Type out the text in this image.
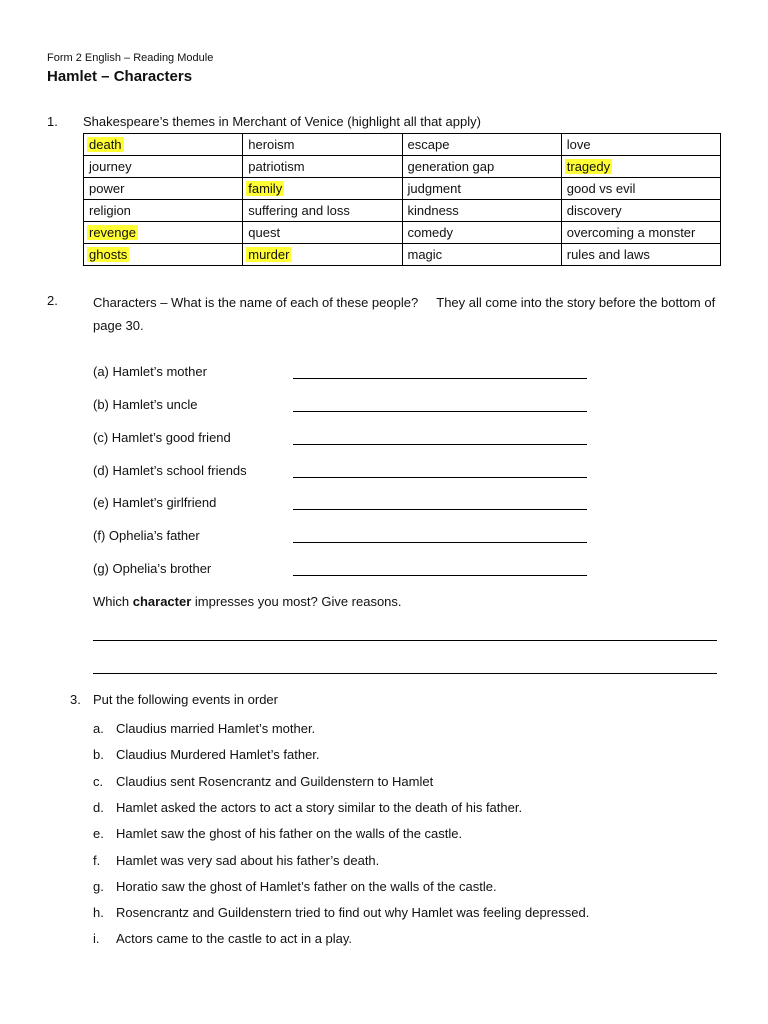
Form 2 English – Reading Module
Hamlet – Characters
1. Shakespeare’s themes in Merchant of Venice (highlight all that apply)
death	heroism	escape	love
journey	patriotism	generation gap	tragedy
power	family	judgment	good vs evil
religion	suffering and loss	kindness	discovery
revenge	quest	comedy	overcoming a monster
ghosts	murder	magic	rules and laws
2.	Characters – What is the name of each of these people? They all come into the story before the bottom of page 30.
(a) Hamlet’s mother
(b) Hamlet’s uncle
(c) Hamlet’s good friend
(d) Hamlet’s school friends
(e) Hamlet’s girlfriend
(f) Ophelia’s father
(g) Ophelia’s brother
Which character impresses you most? Give reasons.
3. Put the following events in order
a. Claudius married Hamlet’s mother.
b. Claudius Murdered Hamlet’s father.
c. Claudius sent Rosencrantz and Guildenstern to Hamlet
d. Hamlet asked the actors to act a story similar to the death of his father.
e. Hamlet saw the ghost of his father on the walls of the castle.
f. Hamlet was very sad about his father’s death.
g. Horatio saw the ghost of Hamlet’s father on the walls of the castle.
h. Rosencrantz and Guildenstern tried to find out why Hamlet was feeling depressed.
i. Actors came to the castle to act in a play.
